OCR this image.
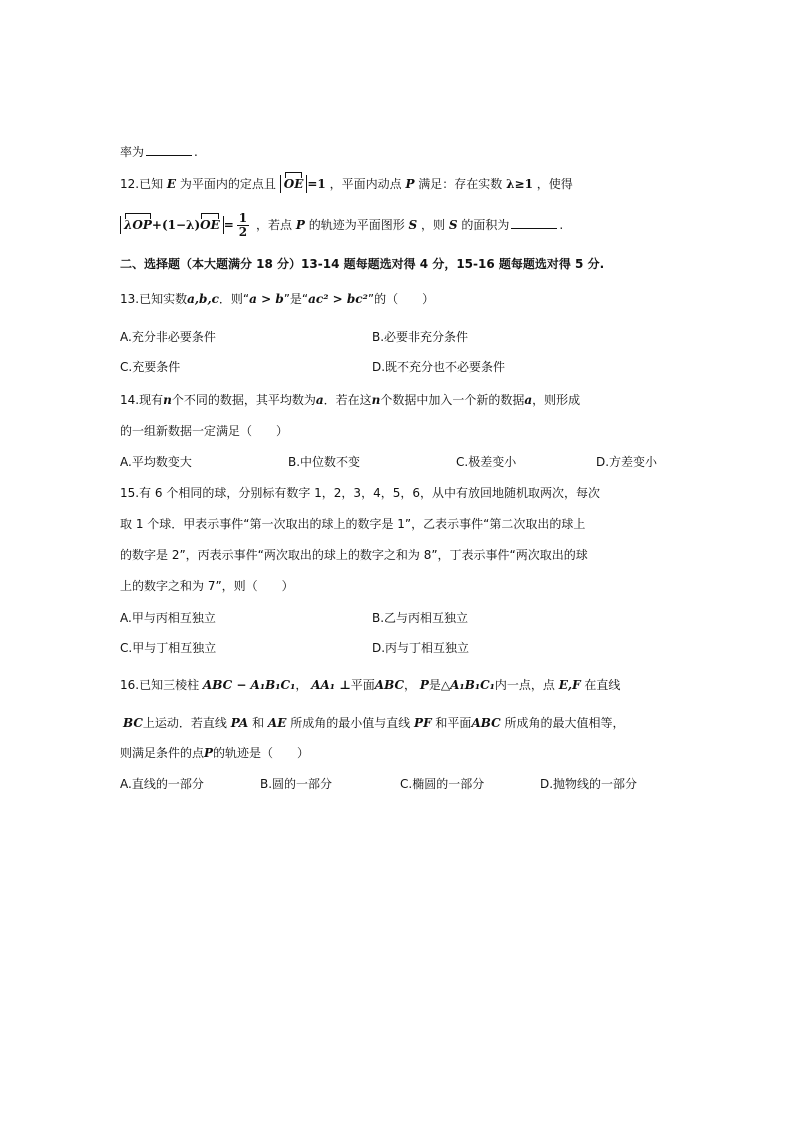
率为	.
12.已知 E 为平面内的定点且 OE =1 ，平面内动点 P 满足：存在实数 λ≥1 ，使得
$\lambda OP+(1-\lambda)OE = \frac{1}{2}$ ，若点 P 的轨迹为平面图形 S ，则 S 的面积为	.
二、选择题（本大题满分 18 分）13-14 题每题选对得 4 分，15-16 题每题选对得 5 分.
13.已知实数a,b,c．则“a > b”是“ac² > bc²”的（　　）
A.充分非必要条件	B.必要非充分条件
C.充要条件	D.既不充分也不必要条件
14.现有n个不同的数据，其平均数为a．若在这n个数据中加入一个新的数据a，则形成
的一组新数据一定满足（　　）
A.平均数变大	B.中位数不变	C.极差变小	D.方差变小
15.有 6 个相同的球，分别标有数字 1，2，3，4，5，6，从中有放回地随机取两次，每次
取 1 个球．甲表示事件“第一次取出的球上的数字是 1”，乙表示事件“第二次取出的球上
的数字是 2”，丙表示事件“两次取出的球上的数字之和为 8”，丁表示事件“两次取出的球
上的数字之和为 7”，则（　　）
A.甲与丙相互独立	B.乙与丙相互独立
C.甲与丁相互独立	D.丙与丁相互独立
16.已知三棱柱 ABC − A₁B₁C₁， AA₁ ⊥平面ABC， P是△A₁B₁C₁内一点，点 E,F 在直线
BC上运动．若直线 PA 和 AE 所成角的最小值与直线 PF 和平面ABC 所成角的最大值相等，
则满足条件的点P的轨迹是（　　）
A.直线的一部分	B.圆的一部分	C.椭圆的一部分	D.抛物线的一部分
